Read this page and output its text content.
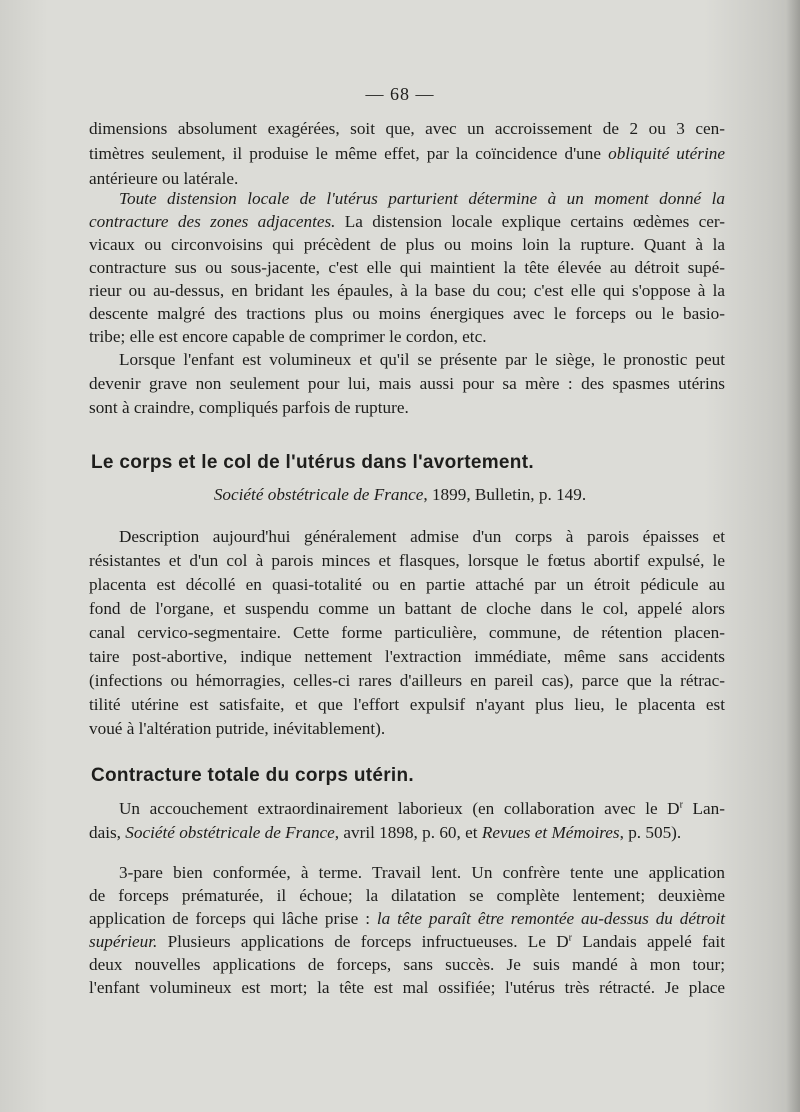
— 68 —
dimensions absolument exagérées, soit que, avec un accroissement de 2 ou 3 cen-
timètres seulement, il produise le même effet, par la coïncidence d'une obliquité utérine
antérieure ou latérale.
Toute distension locale de l'utérus parturient détermine à un moment donné la
contracture des zones adjacentes. La distension locale explique certains œdèmes cer-
vicaux ou circonvoisins qui précèdent de plus ou moins loin la rupture. Quant à la
contracture sus ou sous-jacente, c'est elle qui maintient la tête élevée au détroit supé-
rieur ou au-dessus, en bridant les épaules, à la base du cou; c'est elle qui s'oppose à la
descente malgré des tractions plus ou moins énergiques avec le forceps ou le basio-
tribe; elle est encore capable de comprimer le cordon, etc.
Lorsque l'enfant est volumineux et qu'il se présente par le siège, le pronostic peut
devenir grave non seulement pour lui, mais aussi pour sa mère : des spasmes utérins
sont à craindre, compliqués parfois de rupture.
Le corps et le col de l'utérus dans l'avortement.
Société obstétricale de France, 1899, Bulletin, p. 149.
Description aujourd'hui généralement admise d'un corps à parois épaisses et
résistantes et d'un col à parois minces et flasques, lorsque le fœtus abortif expulsé, le
placenta est décollé en quasi-totalité ou en partie attaché par un étroit pédicule au
fond de l'organe, et suspendu comme un battant de cloche dans le col, appelé alors
canal cervico-segmentaire. Cette forme particulière, commune, de rétention placen-
taire post-abortive, indique nettement l'extraction immédiate, même sans accidents
(infections ou hémorragies, celles-ci rares d'ailleurs en pareil cas), parce que la rétrac-
tilité utérine est satisfaite, et que l'effort expulsif n'ayant plus lieu, le placenta est
voué à l'altération putride, inévitablement).
Contracture totale du corps utérin.
Un accouchement extraordinairement laborieux (en collaboration avec le $D^r$ Lan-
dais, Société obstétricale de France, avril 1898, p. 60, et Revues et Mémoires, p. 505).
3-pare bien conformée, à terme. Travail lent. Un confrère tente une application
de forceps prématurée, il échoue; la dilatation se complète lentement; deuxième
application de forceps qui lâche prise : la tête paraît être remontée au-dessus du détroit
supérieur. Plusieurs applications de forceps infructueuses. Le $D^r$ Landais appelé fait
deux nouvelles applications de forceps, sans succès. Je suis mandé à mon tour;
l'enfant volumineux est mort; la tête est mal ossifiée; l'utérus très rétracté. Je place
